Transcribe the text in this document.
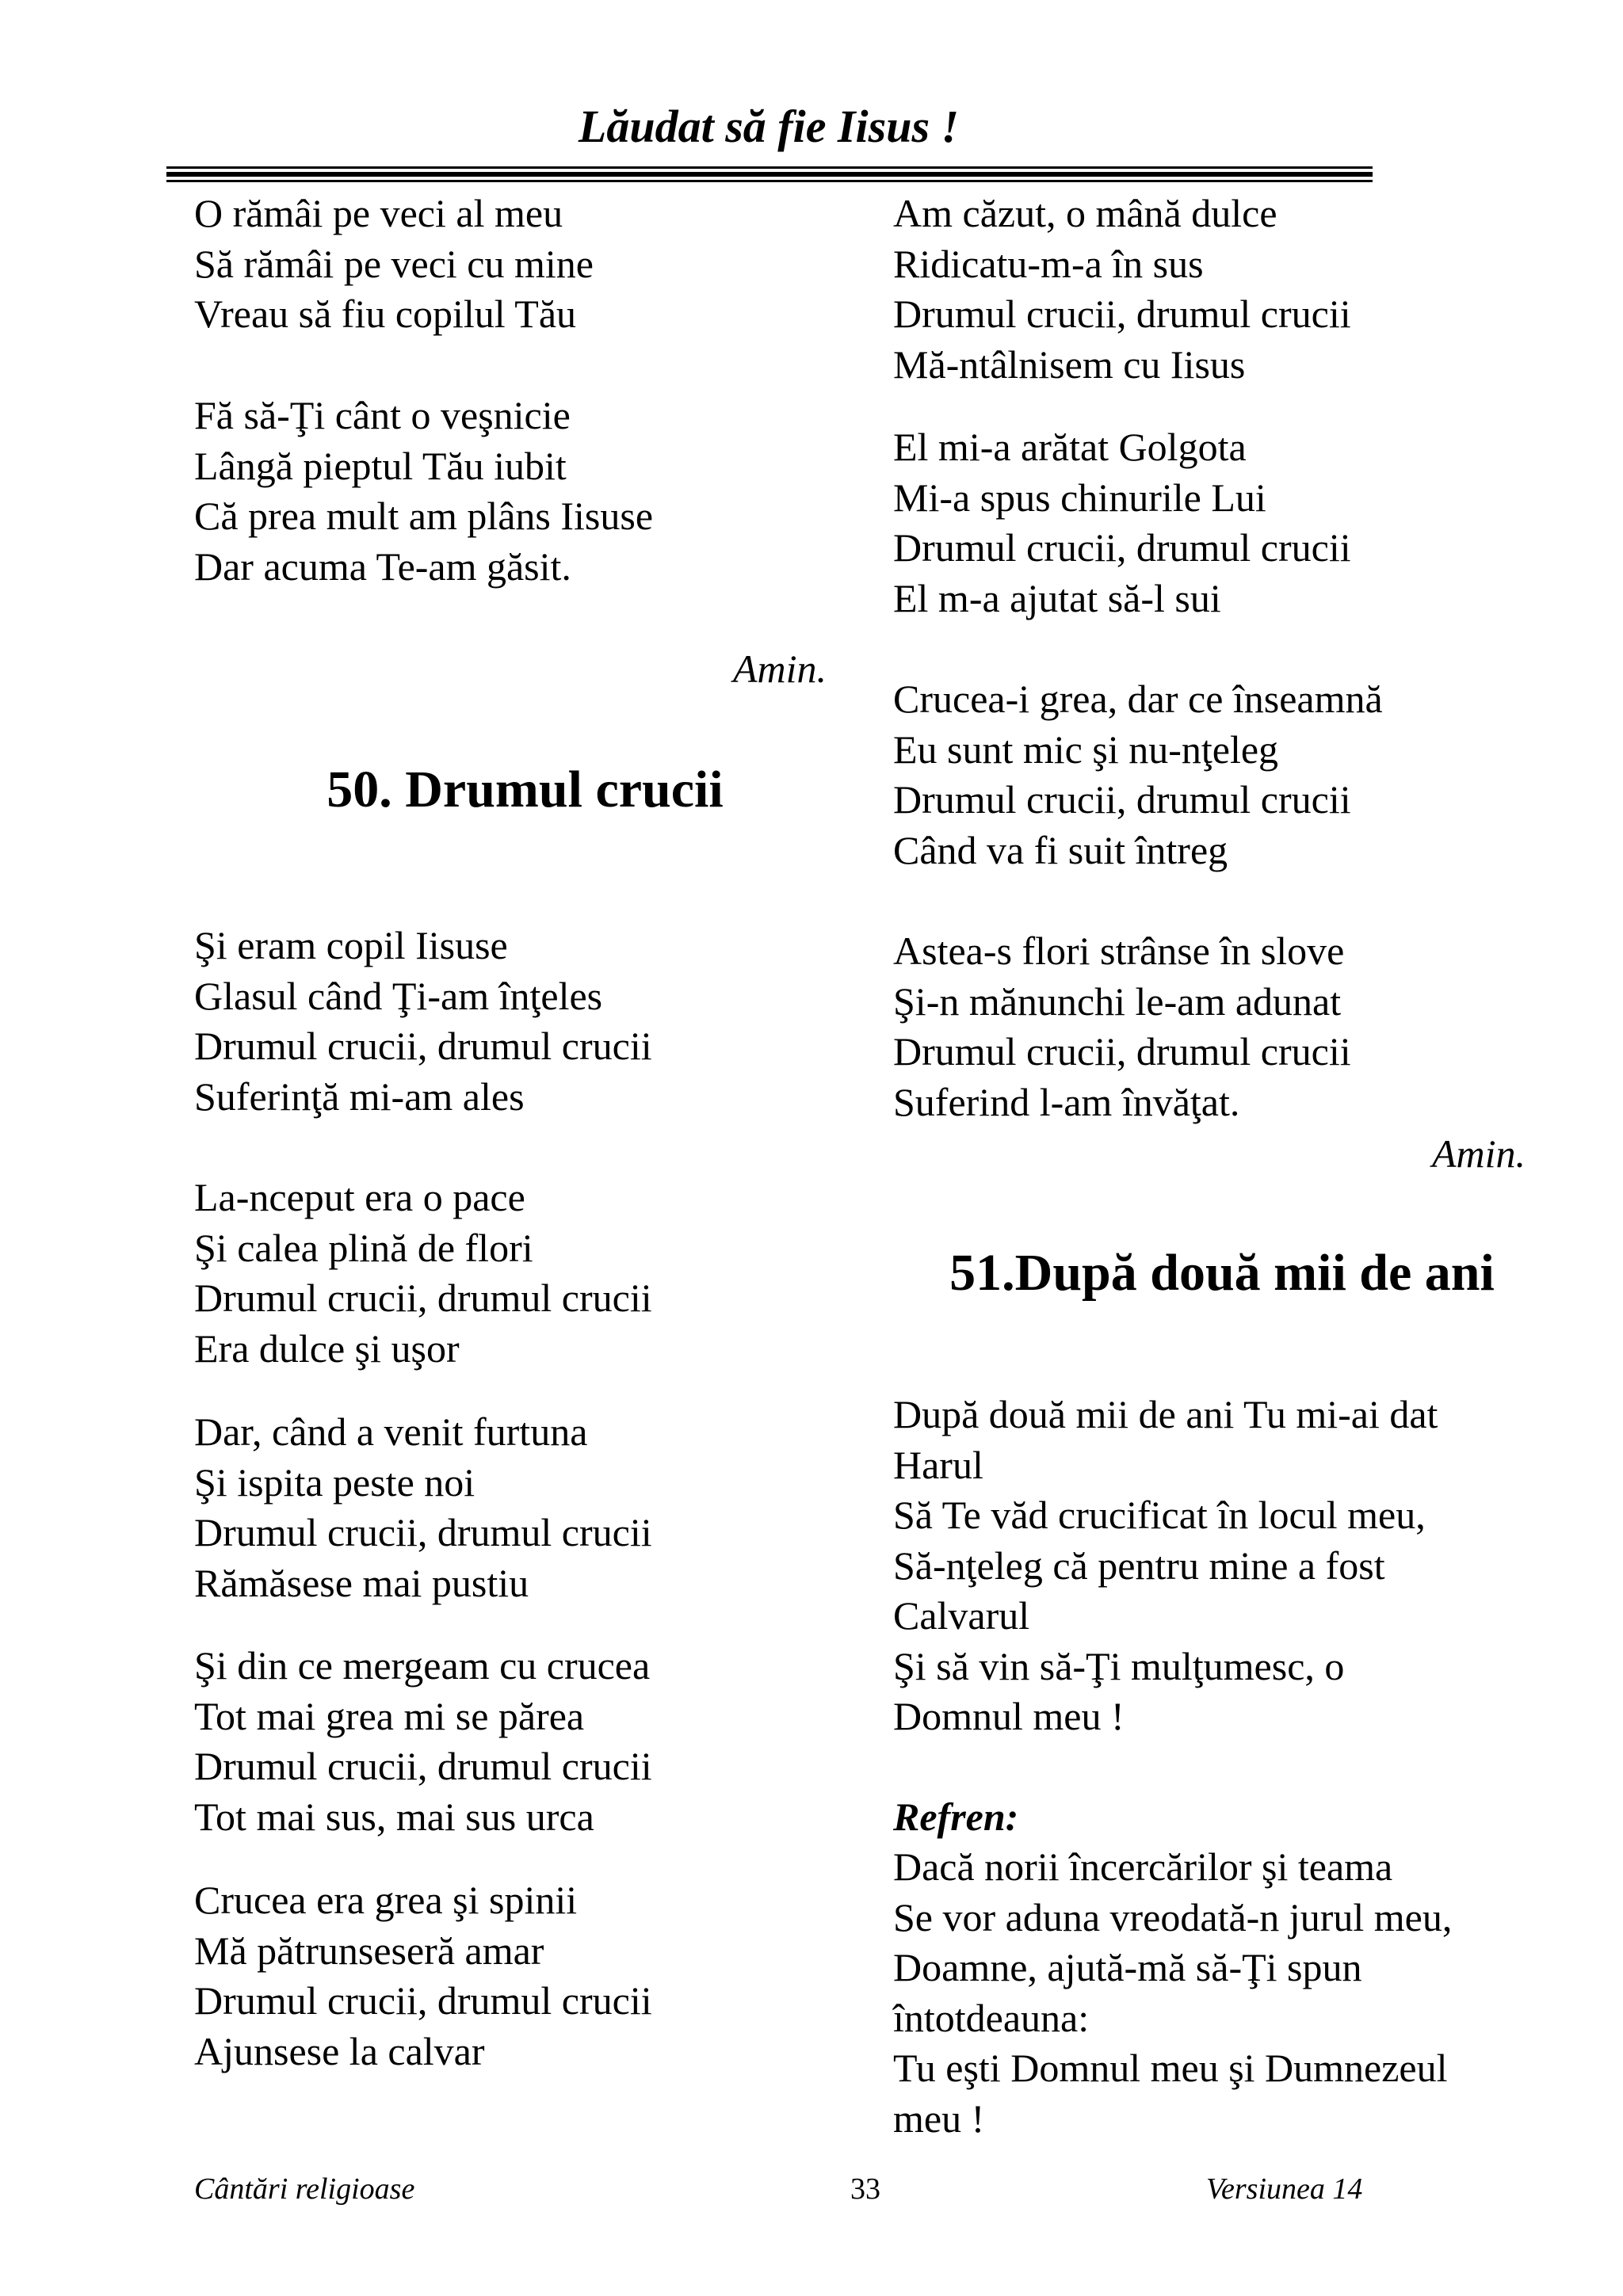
Lăudat să fie Iisus !
O rămâi pe veci al meu
Să rămâi pe veci cu mine
Vreau să fiu copilul Tău
Fă să-Ţi cânt o veşnicie
Lângă pieptul Tău iubit
Că prea mult am plâns Iisuse
Dar acuma Te-am găsit.
Amin.
50. Drumul crucii
Şi eram copil Iisuse
Glasul când Ţi-am înţeles
Drumul crucii, drumul crucii
Suferinţă mi-am ales
La-nceput era o pace
Şi calea plină de flori
Drumul crucii, drumul crucii
Era dulce şi uşor
Dar, când a venit furtuna
Şi ispita peste noi
Drumul crucii, drumul crucii
Rămăsese mai pustiu
Şi din ce mergeam cu crucea
Tot mai grea mi se părea
Drumul crucii, drumul crucii
Tot mai sus, mai sus urca
Crucea era grea şi spinii
Mă pătrunseseră amar
Drumul crucii, drumul crucii
Ajunsese la calvar
Am căzut, o mână dulce
Ridicatu-m-a în sus
Drumul crucii, drumul crucii
Mă-ntâlnisem cu Iisus
El mi-a arătat Golgota
Mi-a spus chinurile Lui
Drumul crucii, drumul crucii
El m-a ajutat să-l sui
Crucea-i grea, dar ce înseamnă
Eu sunt mic şi nu-nţeleg
Drumul crucii, drumul crucii
Când va fi suit întreg
Astea-s flori strânse în slove
Şi-n mănunchi le-am adunat
Drumul crucii, drumul crucii
Suferind l-am învăţat.
Amin.
51.După două mii de ani
După două mii de ani Tu mi-ai dat
Harul
Să Te văd crucificat în locul meu,
Să-nţeleg că pentru mine a fost
Calvarul
Şi să vin să-Ţi mulţumesc, o
Domnul meu !
Refren:
Dacă norii încercărilor şi teama
Se vor aduna vreodată-n jurul meu,
Doamne, ajută-mă să-Ţi spun
întotdeauna:
Tu eşti Domnul meu şi Dumnezeul
meu !
Cântări religioase	33	Versiunea 14
